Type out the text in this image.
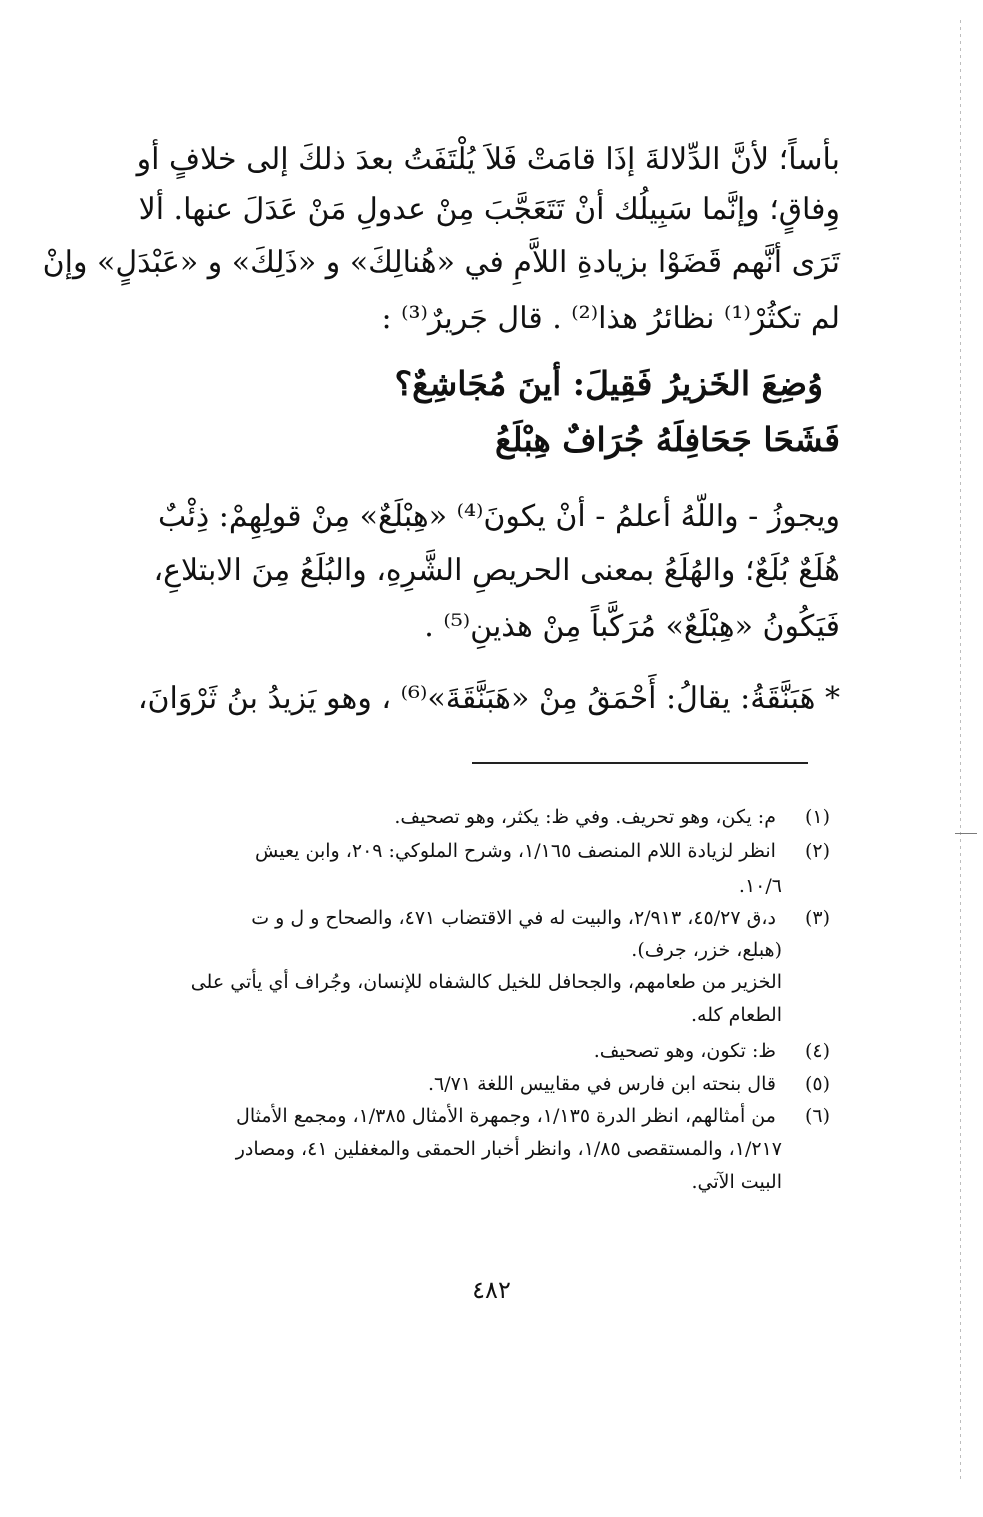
بأساً؛ لأنَّ الدِّلالةَ إذَا قامَتْ فَلاَ يُلْتَفَتُ بعدَ ذلكَ إلى خلافٍ أو
وِفاقٍ؛ وإنَّما سَبِيلُك أنْ تَتَعَجَّبَ مِنْ عدولِ مَنْ عَدَلَ عنها. ألا
تَرَى أنَّهم قَضَوْا بزيادةِ اللاَّمِ في «هُنالِكَ» و «ذَلِكَ» و «عَبْدَلٍ» وإنْ
لم تكثُرْ⁽¹⁾ نظائرُ هذا⁽²⁾ . قال جَريرٌ⁽³⁾ :
وُضِعَ الخَزيرُ فَقِيلَ: أينَ مُجَاشِعٌ؟
فَشَحَا جَحَافِلَهُ جُرَافٌ هِبْلَعُ
ويجوزُ - واللّهُ أعلمُ - أنْ يكونَ⁽⁴⁾ «هِبْلَعٌ» مِنْ قولِهِمْ: ذِئْبٌ
هُلَعٌ بُلَعٌ؛ والهُلَعُ بمعنى الحريصِ الشَّرِهِ، والبُلَعُ مِنَ الابتلاعِ،
فَيَكُونُ «هِبْلَعٌ» مُرَكَّباً مِنْ هذينِ⁽⁵⁾ .
* هَبَنَّقَةُ: يقالُ: أَحْمَقُ مِنْ «هَبَنَّقَةَ»⁽⁶⁾ ، وهو يَزيدُ بنُ ثَرْوَانَ،
(١) م: يكن، وهو تحريف. وفي ظ: يكثر، وهو تصحيف.
(٢) انظر لزيادة اللام المنصف ١/١٦٥، وشرح الملوكي: ٢٠٩، وابن يعيش
١٠/٦.
(٣) د،ق ٤٥/٢٧، ٢/٩١٣، والبيت له في الاقتضاب ٤٧١، والصحاح و ل و ت
(هبلع، خزر، جرف).
الخزير من طعامهم، والجحافل للخيل كالشفاه للإنسان، وجُراف أي يأتي على
الطعام كله.
(٤) ظ: تكون، وهو تصحيف.
(٥) قال بنحته ابن فارس في مقاييس اللغة ٦/٧١.
(٦) من أمثالهم، انظر الدرة ١/١٣٥، وجمهرة الأمثال ١/٣٨٥، ومجمع الأمثال
١/٢١٧، والمستقصى ١/٨٥، وانظر أخبار الحمقى والمغفلين ٤١، ومصادر
البيت الآتي.
٤٨٢
